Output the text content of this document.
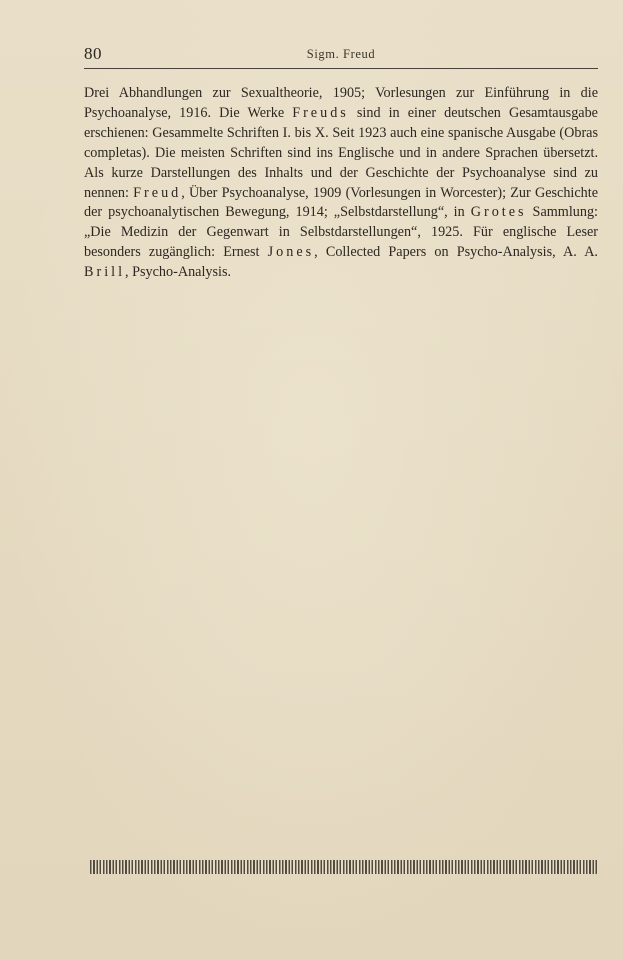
80	Sigm. Freud

Drei Abhandlungen zur Sexualtheorie, 1905; Vorlesungen zur Einführung in die Psychoanalyse, 1916. Die Werke Freuds sind in einer deutschen Gesamtausgabe erschienen: Gesammelte Schriften I. bis X. Seit 1923 auch eine spanische Ausgabe (Obras completas). Die meisten Schriften sind ins Englische und in andere Sprachen übersetzt. Als kurze Darstellungen des Inhalts und der Geschichte der Psychoanalyse sind zu nennen: Freud, Über Psychoanalyse, 1909 (Vorlesungen in Worcester); Zur Geschichte der psychoanalytischen Bewegung, 1914; „Selbstdarstellung“, in Grotes Sammlung: „Die Medizin der Gegenwart in Selbstdarstellungen“, 1925. Für englische Leser besonders zugänglich: Ernest Jones, Collected Papers on Psycho-Analysis, A. A. Brill, Psycho-Analysis.
